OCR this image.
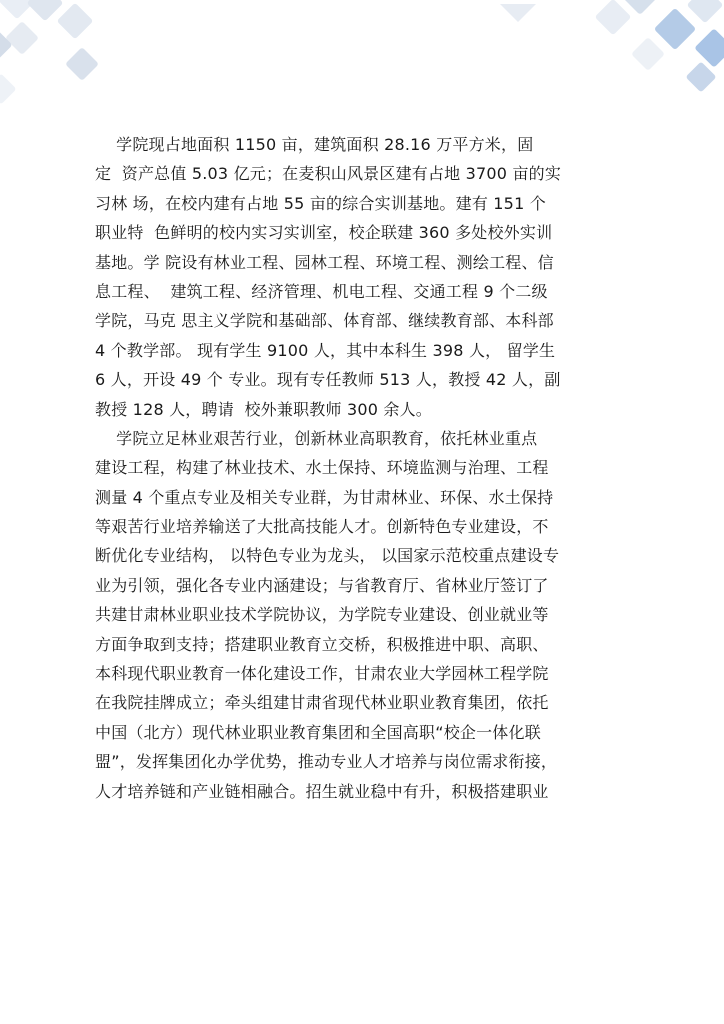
学院现占地面积 1150 亩，建筑面积 28.16 万平方米，固
定  资产总值 5.03 亿元；在麦积山风景区建有占地 3700 亩的实
习林 场，在校内建有占地 55 亩的综合实训基地。建有 151 个
职业特  色鲜明的校内实习实训室，校企联建 360 多处校外实训
基地。学 院设有林业工程、园林工程、环境工程、测绘工程、信
息工程、  建筑工程、经济管理、机电工程、交通工程 9 个二级
学院，马克 思主义学院和基础部、体育部、继续教育部、本科部
4 个教学部。 现有学生 9100 人，其中本科生 398 人， 留学生
6 人，开设 49 个 专业。现有专任教师 513 人，教授 42 人，副
教授 128 人，聘请  校外兼职教师 300 余人。
学院立足林业艰苦行业，创新林业高职教育，依托林业重点
建设工程，构建了林业技术、水土保持、环境监测与治理、工程
测量 4 个重点专业及相关专业群，为甘肃林业、环保、水土保持
等艰苦行业培养输送了大批高技能人才。创新特色专业建设，不
断优化专业结构， 以特色专业为龙头， 以国家示范校重点建设专
业为引领，强化各专业内涵建设；与省教育厅、省林业厅签订了
共建甘肃林业职业技术学院协议，为学院专业建设、创业就业等
方面争取到支持；搭建职业教育立交桥，积极推进中职、高职、
本科现代职业教育一体化建设工作，甘肃农业大学园林工程学院
在我院挂牌成立；牵头组建甘肃省现代林业职业教育集团，依托
中国（北方）现代林业职业教育集团和全国高职“校企一体化联
盟”，发挥集团化办学优势，推动专业人才培养与岗位需求衔接，
人才培养链和产业链相融合。招生就业稳中有升，积极搭建职业
